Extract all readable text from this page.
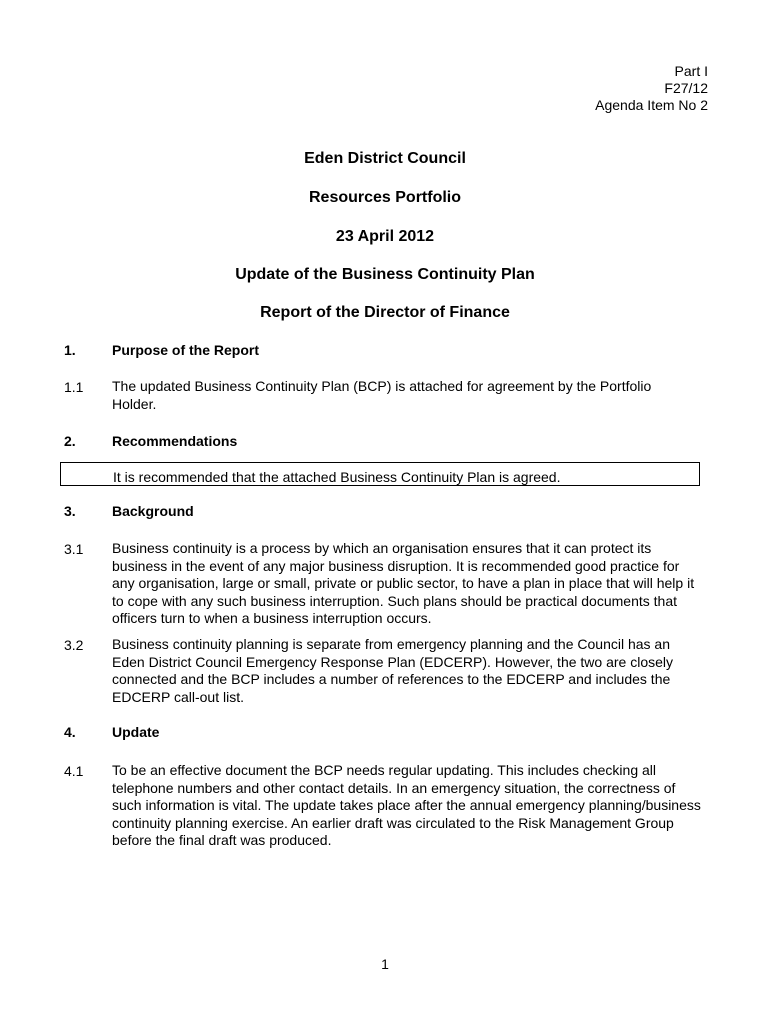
Part I
F27/12
Agenda Item No 2
Eden District Council
Resources Portfolio
23 April 2012
Update of the Business Continuity Plan
Report of the Director of Finance
1.	Purpose of the Report
1.1 The updated Business Continuity Plan (BCP) is attached for agreement by the Portfolio Holder.
2.	Recommendations
It is recommended that the attached Business Continuity Plan is agreed.
3.	Background
3.1 Business continuity is a process by which an organisation ensures that it can protect its business in the event of any major business disruption. It is recommended good practice for any organisation, large or small, private or public sector, to have a plan in place that will help it to cope with any such business interruption. Such plans should be practical documents that officers turn to when a business interruption occurs.
3.2 Business continuity planning is separate from emergency planning and the Council has an Eden District Council Emergency Response Plan (EDCERP). However, the two are closely connected and the BCP includes a number of references to the EDCERP and includes the EDCERP call-out list.
4.	Update
4.1 To be an effective document the BCP needs regular updating. This includes checking all telephone numbers and other contact details. In an emergency situation, the correctness of such information is vital. The update takes place after the annual emergency planning/business continuity planning exercise. An earlier draft was circulated to the Risk Management Group before the final draft was produced.
1
